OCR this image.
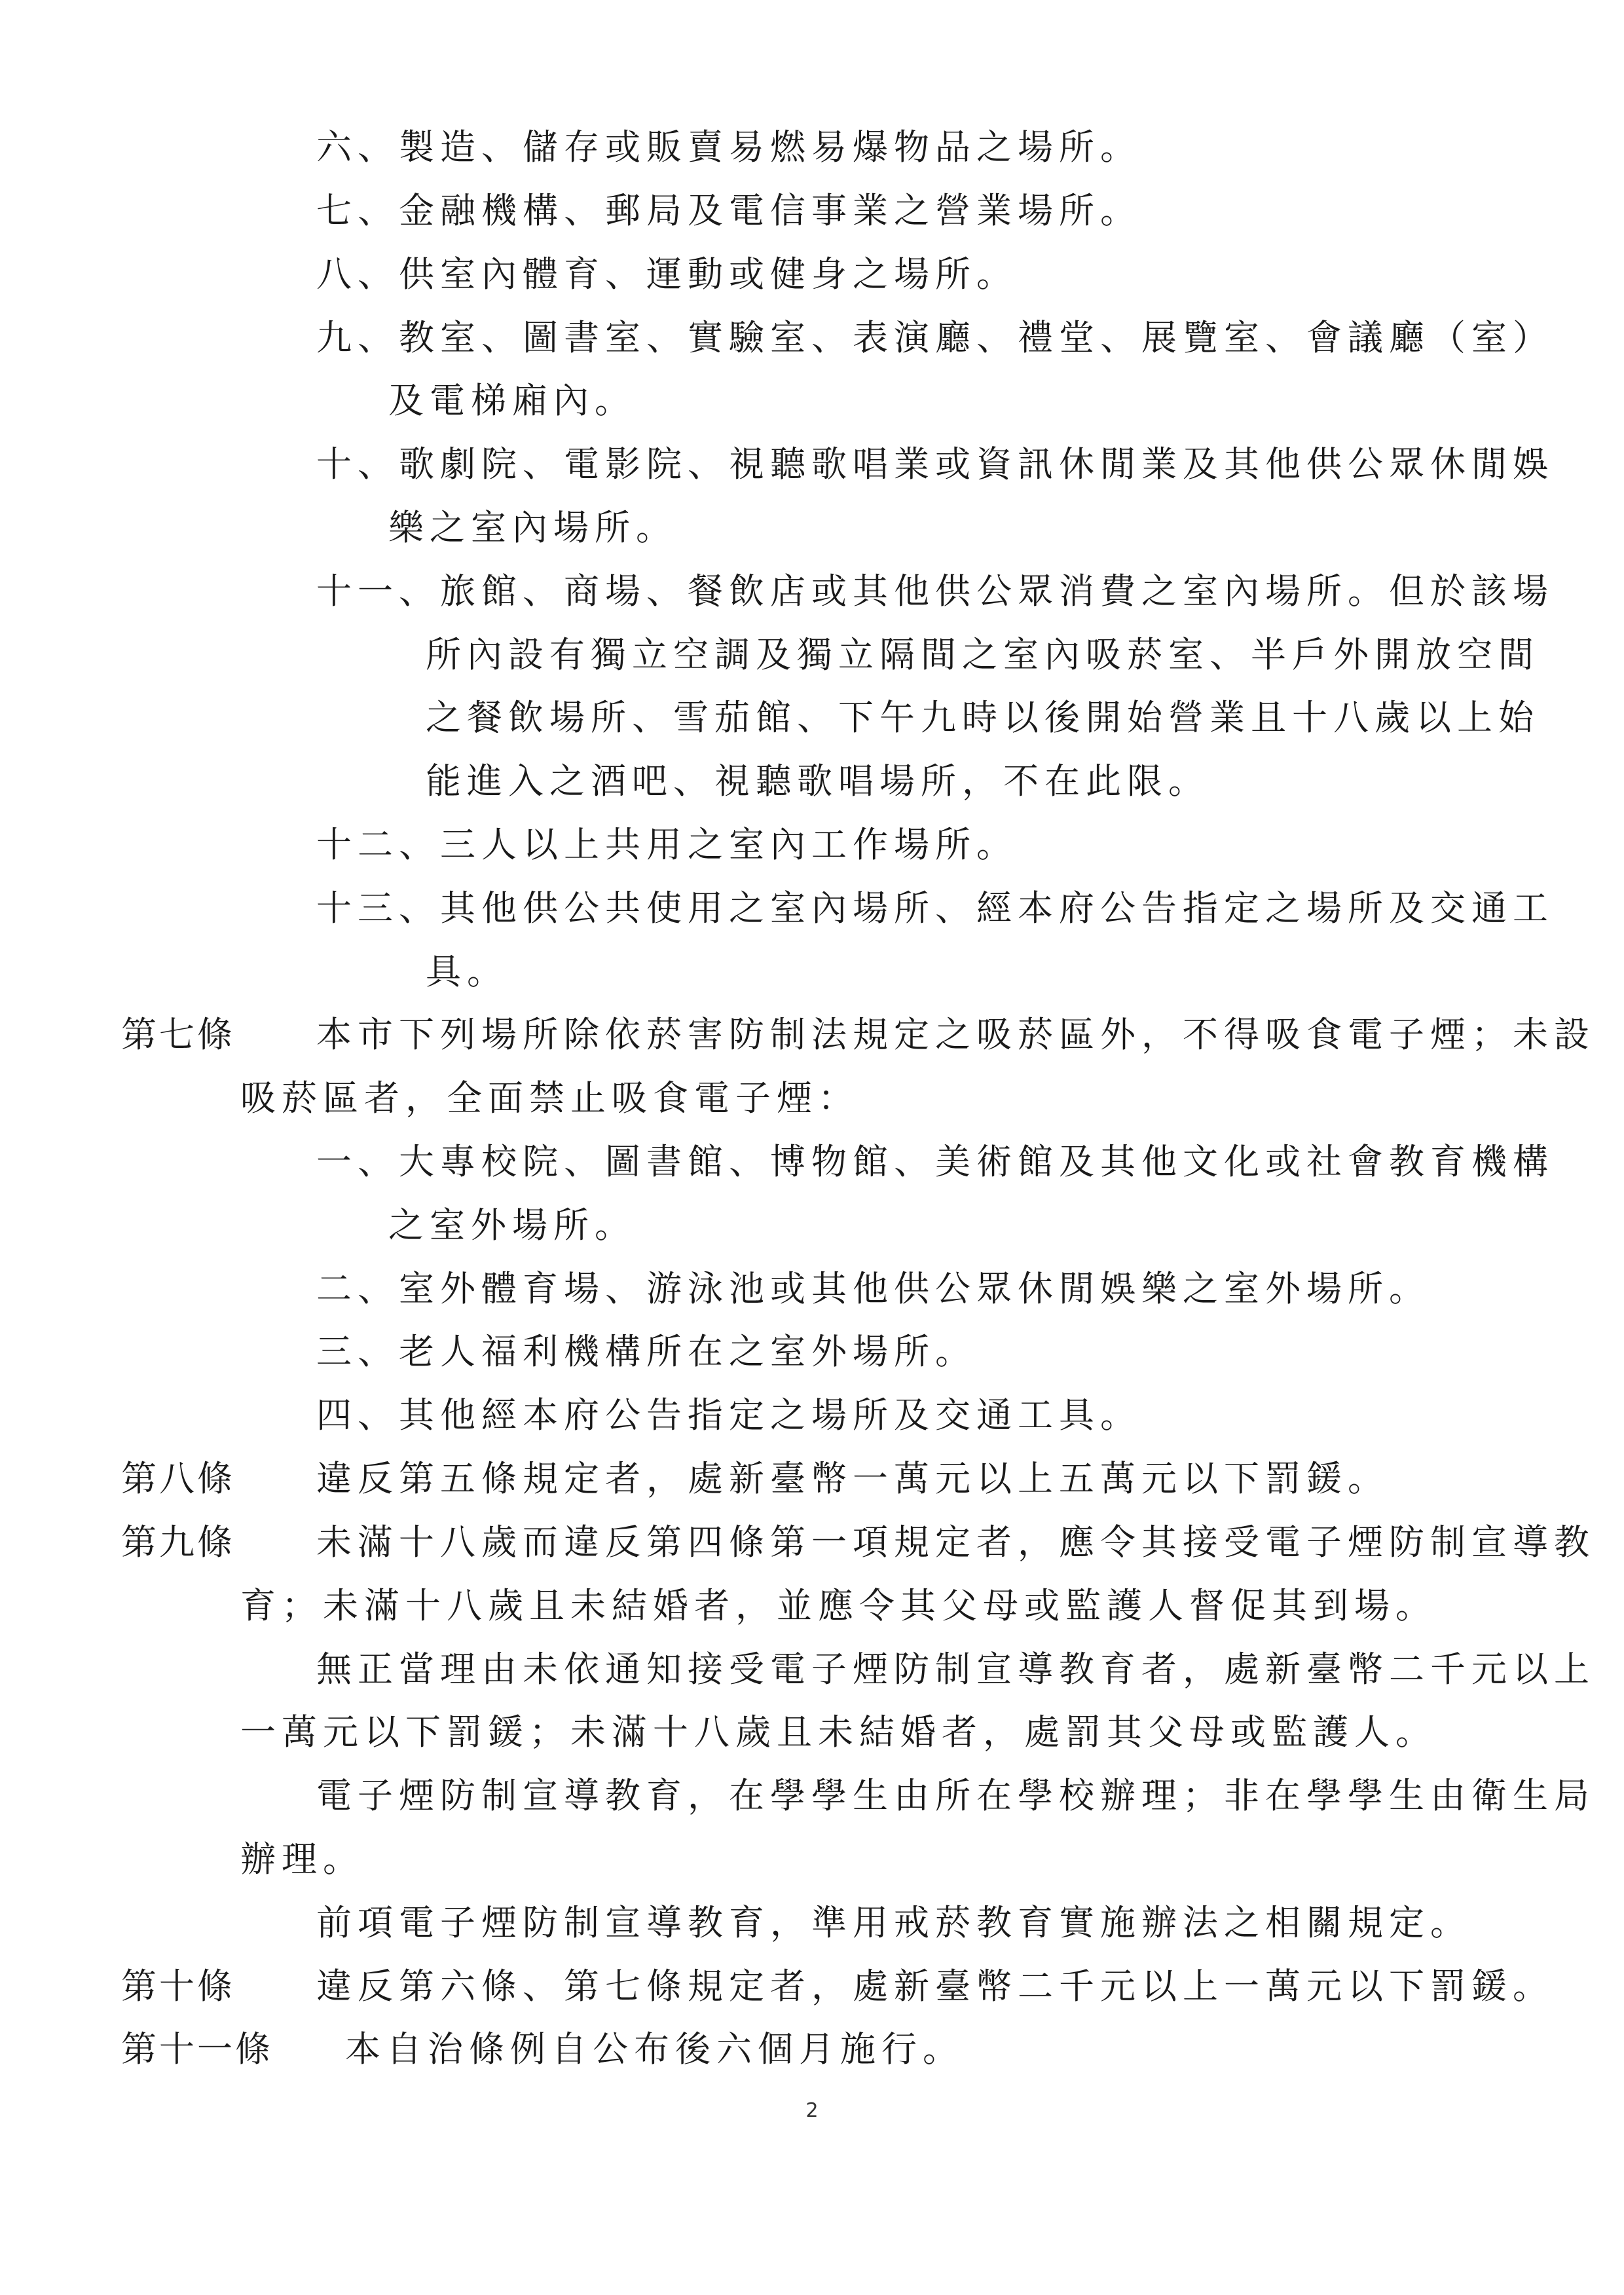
六、製造、儲存或販賣易燃易爆物品之場所。
七、金融機構、郵局及電信事業之營業場所。
八、供室內體育、運動或健身之場所。
九、教室、圖書室、實驗室、表演廳、禮堂、展覽室、會議廳（室）
及電梯廂內。
十、歌劇院、電影院、視聽歌唱業或資訊休閒業及其他供公眾休閒娛
樂之室內場所。
十一、旅館、商場、餐飲店或其他供公眾消費之室內場所。但於該場
所內設有獨立空調及獨立隔間之室內吸菸室、半戶外開放空間
之餐飲場所、雪茄館、下午九時以後開始營業且十八歲以上始
能進入之酒吧、視聽歌唱場所，不在此限。
十二、三人以上共用之室內工作場所。
十三、其他供公共使用之室內場所、經本府公告指定之場所及交通工
具。
第七條 本市下列場所除依菸害防制法規定之吸菸區外，不得吸食電子煙；未設
吸菸區者，全面禁止吸食電子煙：
一、大專校院、圖書館、博物館、美術館及其他文化或社會教育機構
之室外場所。
二、室外體育場、游泳池或其他供公眾休閒娛樂之室外場所。
三、老人福利機構所在之室外場所。
四、其他經本府公告指定之場所及交通工具。
第八條 違反第五條規定者，處新臺幣一萬元以上五萬元以下罰鍰。
第九條 未滿十八歲而違反第四條第一項規定者，應令其接受電子煙防制宣導教
育；未滿十八歲且未結婚者，並應令其父母或監護人督促其到場。
無正當理由未依通知接受電子煙防制宣導教育者，處新臺幣二千元以上
一萬元以下罰鍰；未滿十八歲且未結婚者，處罰其父母或監護人。
電子煙防制宣導教育，在學學生由所在學校辦理；非在學學生由衛生局
辦理。
前項電子煙防制宣導教育，準用戒菸教育實施辦法之相關規定。
第十條 違反第六條、第七條規定者，處新臺幣二千元以上一萬元以下罰鍰。
第十一條 本自治條例自公布後六個月施行。
2
